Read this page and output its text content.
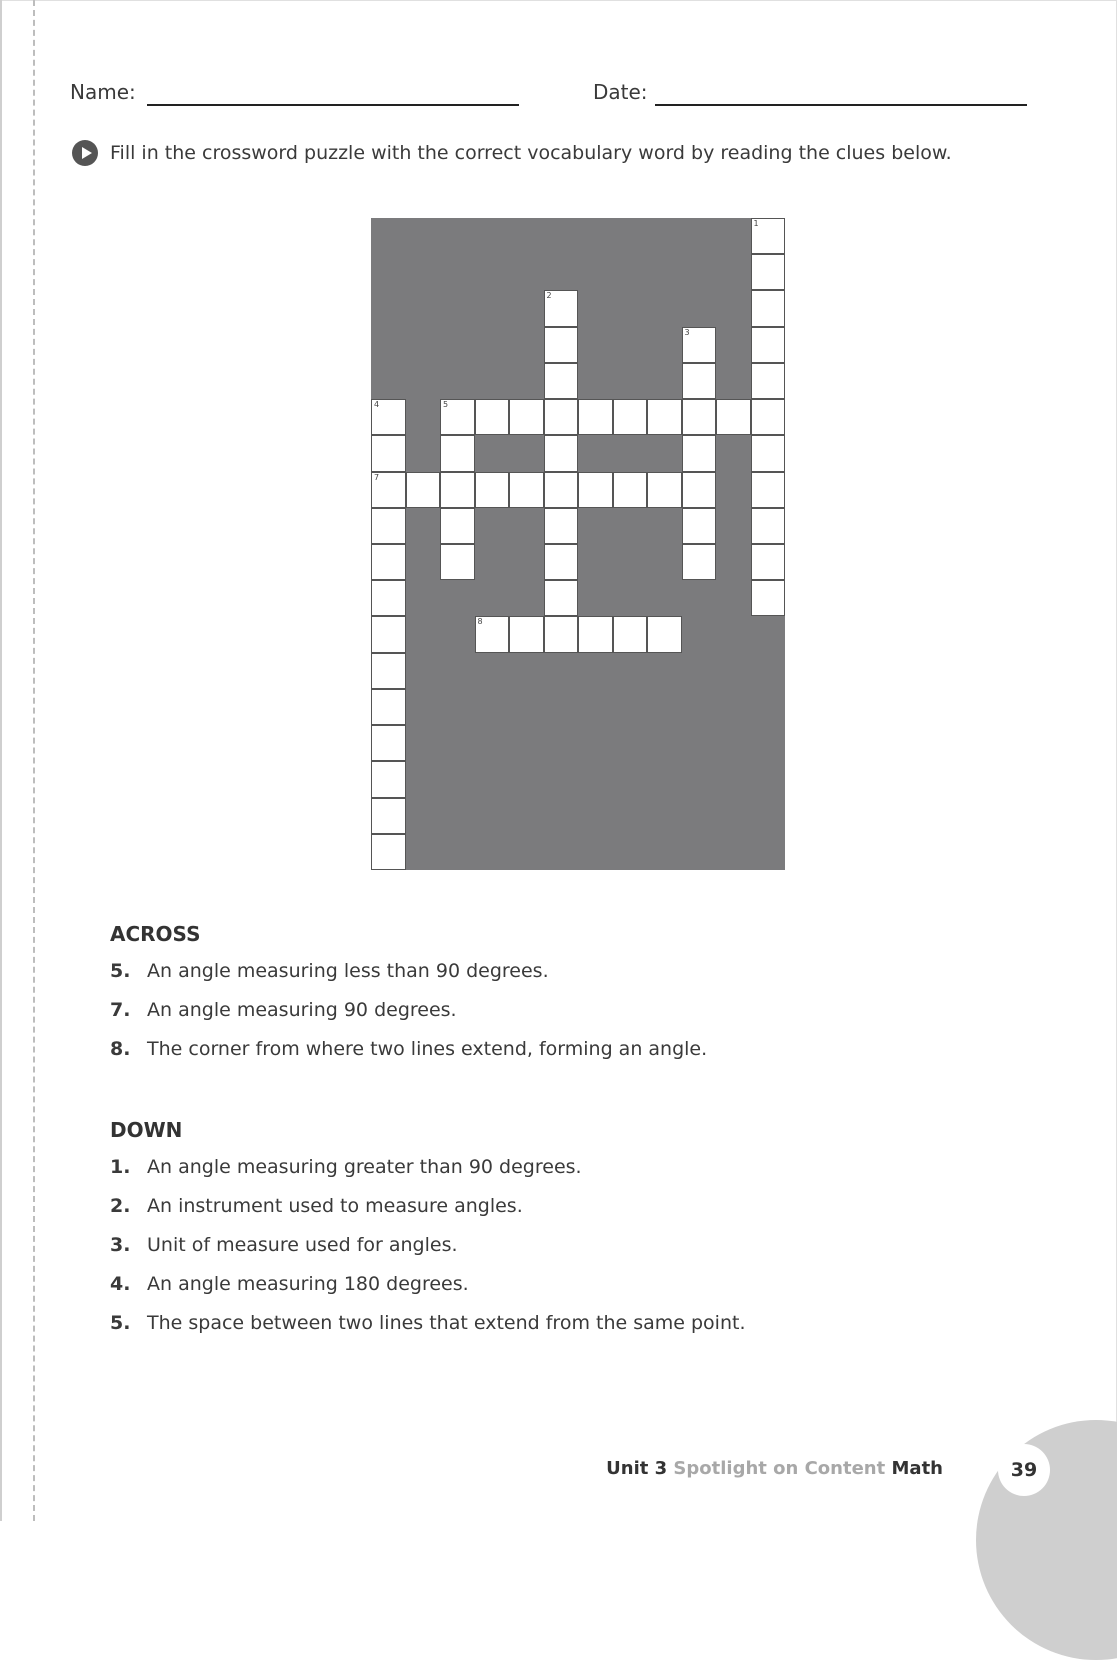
Name:	Date:
Fill in the crossword puzzle with the correct vocabulary word by reading the clues below.
1
2
3
4	5
7
8
ACROSS
5. An angle measuring less than 90 degrees.
7. An angle measuring 90 degrees.
8. The corner from where two lines extend, forming an angle.
DOWN
1. An angle measuring greater than 90 degrees.
2. An instrument used to measure angles.
3. Unit of measure used for angles.
4. An angle measuring 180 degrees.
5. The space between two lines that extend from the same point.
39
Unit 3 Spotlight on Content Math
